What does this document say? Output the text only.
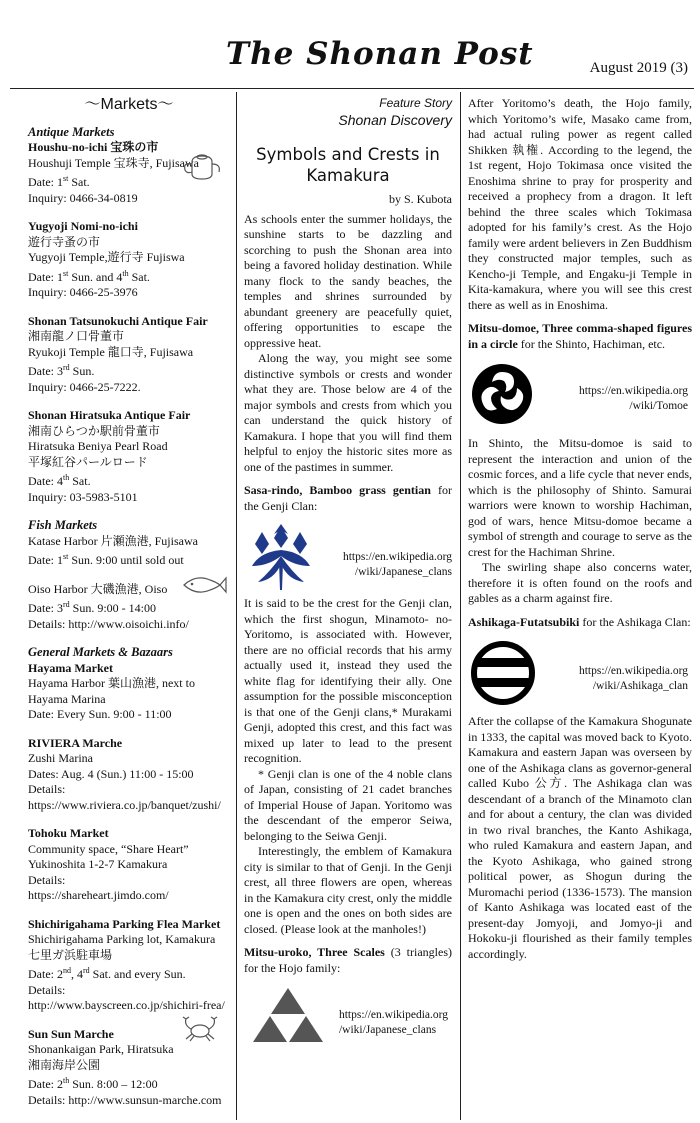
The Shonan Post	August 2019 (3)
～Markets～
Antique Markets
Houshu-no-ichi 宝珠の市
Houshuji Temple 宝珠寺, Fujisawa
Date: 1st Sat.
Inquiry: 0466-34-0819
Yugyoji Nomi-no-ichi
遊行寺蚤の市
Yugyoji Temple,遊行寺 Fujiswa
Date: 1st Sun. and 4th Sat.
Inquiry: 0466-25-3976
Shonan Tatsunokuchi Antique Fair
湘南龍ノ口骨董市
Ryukoji Temple 龍口寺, Fujisawa
Date: 3rd Sun.
Inquiry: 0466-25-7222.
Shonan Hiratsuka Antique Fair
湘南ひらつか駅前骨董市
Hiratsuka Beniya Pearl Road
平塚紅谷パールロード
Date: 4th Sat.
Inquiry: 03-5983-5101
Fish Markets
Katase Harbor 片瀬漁港, Fujisawa
Date: 1st Sun. 9:00 until sold out
Oiso Harbor 大磯漁港, Oiso
Date: 3rd Sun. 9:00 - 14:00
Details: http://www.oisoichi.info/
General Markets & Bazaars
Hayama Market
Hayama Harbor 葉山漁港, next to Hayama Marina
Date: Every Sun. 9:00 - 11:00
RIVIERA Marche
Zushi Marina
Dates: Aug. 4 (Sun.) 11:00 - 15:00
Details:
https://www.riviera.co.jp/banquet/zushi/
Tohoku Market
Community space, “Share Heart”
Yukinoshita 1-2-7 Kamakura
Details:
https://shareheart.jimdo.com/
Shichirigahama Parking Flea Market
Shichirigahama Parking lot, Kamakura
七里ガ浜駐車場
Date: 2nd, 4rd Sat. and every Sun.
Details:
http://www.bayscreen.co.jp/shichiri-frea/
Sun Sun Marche
Shonankaigan Park, Hiratsuka
湘南海岸公園
Date: 2th Sun. 8:00 – 12:00
Details: http://www.sunsun-marche.com
Feature Story
Shonan Discovery
Symbols and Crests in Kamakura
by S. Kubota

As schools enter the summer holidays, the sunshine starts to be dazzling and scorching to push the Shonan area into being a favored holiday destination. While many flock to the sandy beaches, the temples and shrines surrounded by abundant greenery are peacefully quiet, offering opportunities to escape the oppressive heat.

Along the way, you might see some distinctive symbols or crests and wonder what they are. Those below are 4 of the major symbols and crests from which you can understand the quick history of Kamakura. I hope that you will find them helpful to enjoy the historic sites more as one of the pastimes in summer.

Sasa-rindo, Bamboo grass gentian for the Genji Clan:

https://en.wikipedia.org
/wiki/Japanese_clans

It is said to be the crest for the Genji clan, which the first shogun, Minamoto- no- Yoritomo, is associated with. However, there are no official records that his army actually used it, instead they used the white flag for identifying their ally. One assumption for the possible misconception is that one of the Genji clans,* Murakami Genji, adopted this crest, and this fact was mixed up later to lead to the present recognition.

* Genji clan is one of the 4 noble clans of Japan, consisting of 21 cadet branches of Imperial House of Japan. Yoritomo was the descendant of the emperor Seiwa, belonging to the Seiwa Genji.

Interestingly, the emblem of Kamakura city is similar to that of Genji. In the Genji crest, all three flowers are open, whereas in the Kamakura city crest, only the middle one is open and the ones on both sides are closed. (Please look at the manholes!)

Mitsu-uroko, Three Scales (3 triangles) for the Hojo family:

https://en.wikipedia.org
/wiki/Japanese_clans

After Yoritomo’s death, the Hojo family, which Yoritomo’s wife, Masako came from, had actual ruling power as regent called Shikken 執権. According to the legend, the 1st regent, Hojo Tokimasa once visited the Enoshima shrine to pray for prosperity and received a prophecy from a dragon. It left behind the three scales which Tokimasa adopted for his family’s crest. As the Hojo family were ardent believers in Zen Buddhism they constructed major temples, such as Kencho-ji Temple, and Engaku-ji Temple in Kita-kamakura, where you will see this crest there as well as in Enoshima.

Mitsu-domoe, Three comma-shaped figures in a circle for the Shinto, Hachiman, etc.

https://en.wikipedia.org
/wiki/Tomoe

In Shinto, the Mitsu-domoe is said to represent the interaction and union of the cosmic forces, and a life cycle that never ends, which is the philosophy of Shinto. Samurai warriors were known to worship Hachiman, god of wars, hence Mitsu-domoe became a symbol of strength and courage to serve as the crest for the Hachiman Shrine.

The swirling shape also concerns water, therefore it is often found on the roofs and gables as a charm against fire.

Ashikaga-Futatsubiki for the Ashikaga Clan:

https://en.wikipedia.org
/wiki/Ashikaga_clan

After the collapse of the Kamakura Shogunate in 1333, the capital was moved back to Kyoto. Kamakura and eastern Japan was overseen by one of the Ashikaga clans as governor-general called Kubo 公方. The Ashikaga clan was descendant of a branch of the Minamoto clan and for about a century, the clan was divided in two rival branches, the Kanto Ashikaga, who ruled Kamakura and eastern Japan, and the Kyoto Ashikaga, who gained strong political power, as Shogun during the Muromachi period (1336-1573). The mansion of Kanto Ashikaga was located east of the present-day Jomyoji, and Jomyo-ji and Hokoku-ji flourished as their family temples accordingly.
